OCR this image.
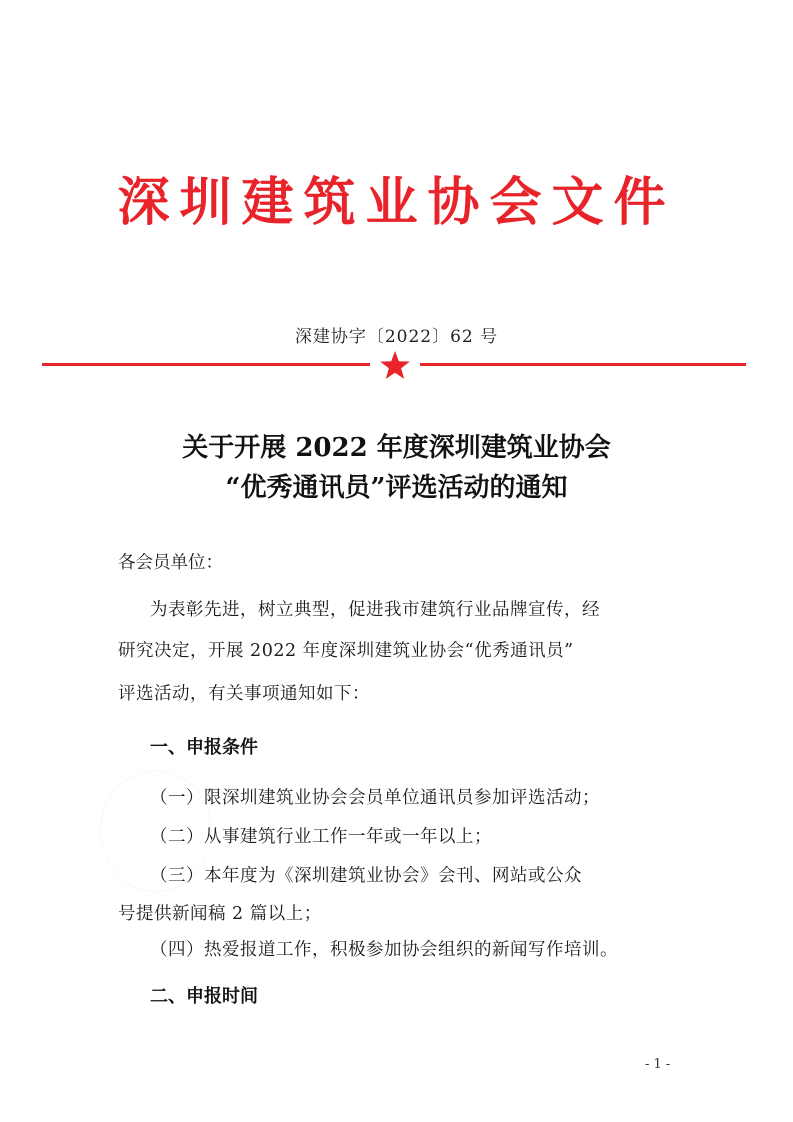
深圳建筑业协会文件
深建协字〔2022〕62 号
关于开展 2022 年度深圳建筑业协会
“优秀通讯员”评选活动的通知
各会员单位：
为表彰先进，树立典型，促进我市建筑行业品牌宣传，经
研究决定，开展 2022 年度深圳建筑业协会“优秀通讯员”
评选活动，有关事项通知如下：
一、申报条件
（一）限深圳建筑业协会会员单位通讯员参加评选活动；
（二）从事建筑行业工作一年或一年以上；
（三）本年度为《深圳建筑业协会》会刊、网站或公众
号提供新闻稿 2 篇以上；
（四）热爱报道工作，积极参加协会组织的新闻写作培训。
二、申报时间
- 1 -
